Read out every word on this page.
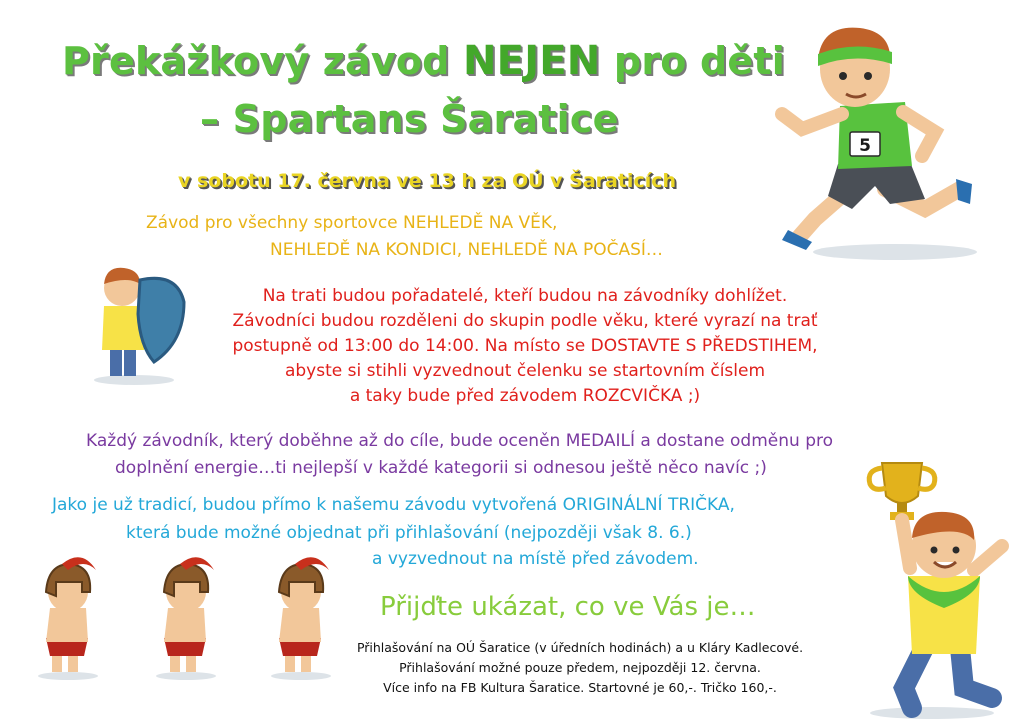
Překážkový závod NEJEN pro děti
– Spartans Šaratice
v sobotu 17. června ve 13 h za OÚ v Šaraticích
Závod pro všechny sportovce NEHLEDĚ NA VĚK,
NEHLEDĚ NA KONDICI, NEHLEDĚ NA POČASÍ…
Na trati budou pořadatelé, kteří budou na závodníky dohlížet.
Závodníci budou rozděleni do skupin podle věku, které vyrazí na trať
postupně od 13:00 do 14:00. Na místo se DOSTAVTE S PŘEDSTIHEM,
abyste si stihli vyzvednout čelenku se startovním číslem
a taky bude před závodem ROZCVIČKA ;)
Každý závodník, který doběhne až do cíle, bude oceněn MEDAILÍ a dostane odměnu pro
doplnění energie…ti nejlepší v každé kategorii si odnesou ještě něco navíc ;)
Jako je už tradicí, budou přímo k našemu závodu vytvořená ORIGINÁLNÍ TRIČKA,
která bude možné objednat při přihlašování (nejpozději však 8. 6.)
a vyzvednout na místě před závodem.
Přijďte ukázat, co ve Vás je…
Přihlašování na OÚ Šaratice (v úředních hodinách) a u Kláry Kadlecové.
Přihlašování možné pouze předem, nejpozději 12. června.
Více info na FB Kultura Šaratice. Startovné je 60,-. Tričko 160,-.
5
